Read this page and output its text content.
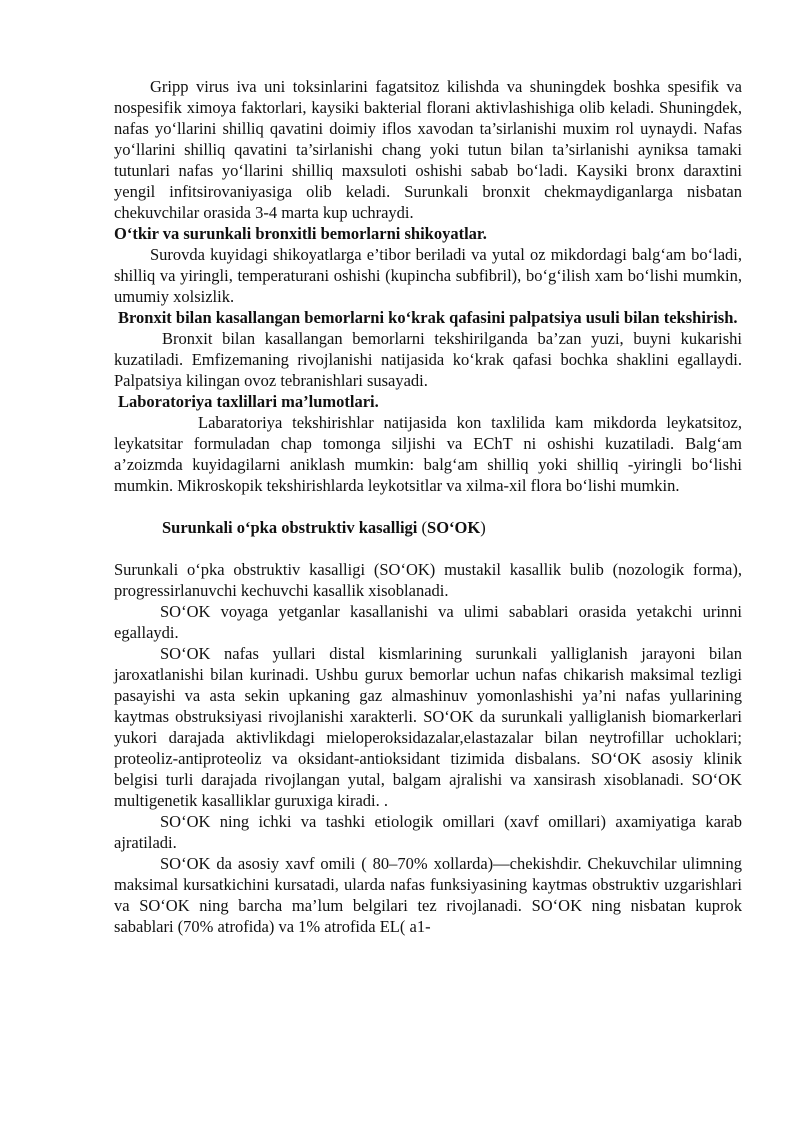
Gripp virus iva uni toksinlarini fagatsitoz kilishda va shuningdek boshka spesifik va nospesifik ximoya faktorlari, kaysiki bakterial florani aktivlashishiga olib keladi. Shuningdek, nafas yo‘llarini shilliq qavatini doimiy iflos xavodan ta’sirlanishi muxim rol uynaydi. Nafas yo‘llarini shilliq qavatini ta’sirlanishi chang yoki tutun bilan ta’sirlanishi ayniksa tamaki tutunlari nafas yo‘llarini shilliq maxsuloti oshishi sabab bo‘ladi. Kaysiki bronx daraxtini yengil infitsirovaniyasiga olib keladi. Surunkali bronxit chekmaydiganlarga nisbatan chekuvchilar orasida 3-4 marta kup uchraydi.

O‘tkir va surunkali bronxitli bemorlarni shikoyatlar.

Surovda kuyidagi shikoyatlarga e’tibor beriladi va yutal oz mikdordagi balg‘am bo‘ladi, shilliq va yiringli, temperaturani oshishi (kupincha subfibril), bo‘g‘ilish xam bo‘lishi mumkin, umumiy xolsizlik.

Bronxit bilan kasallangan bemorlarni ko‘krak qafasini palpatsiya usuli bilan tekshirish.

Bronxit bilan kasallangan bemorlarni tekshirilganda ba’zan yuzi, buyni kukarishi kuzatiladi. Emfizemaning rivojlanishi natijasida ko‘krak qafasi bochka shaklini egallaydi. Palpatsiya kilingan ovoz tebranishlari susayadi.

Laboratoriya taxlillari ma’lumotlari.

Labaratoriya tekshirishlar natijasida kon taxlilida kam mikdorda leykatsitoz, leykatsitar formuladan chap tomonga siljishi va EChT ni oshishi kuzatiladi. Balg‘am a’zoizmda kuyidagilarni aniklash mumkin: balg‘am shilliq yoki shilliq -yiringli bo‘lishi mumkin. Mikroskopik tekshirishlarda leykotsitlar va xilma-xil flora bo‘lishi mumkin.

Surunkali o‘pka obstruktiv kasalligi (SO‘OK)

Surunkali o‘pka obstruktiv kasalligi (SO‘OK) mustakil kasallik bulib (nozologik forma), progressirlanuvchi kechuvchi kasallik xisoblanadi.

SO‘OK voyaga yetganlar kasallanishi va ulimi sabablari orasida yetakchi urinni egallaydi.

SO‘OK nafas yullari distal kismlarining surunkali yalliglanish jarayoni bilan jaroxatlanishi bilan kurinadi. Ushbu gurux bemorlar uchun nafas chikarish maksimal tezligi pasayishi va asta sekin upkaning gaz almashinuv yomonlashishi ya’ni nafas yullarining kaytmas obstruksiyasi rivojlanishi xarakterli. SO‘OK da surunkali yalliglanish biomarkerlari yukori darajada aktivlikdagi mieloperoksidazalar,elastazalar bilan neytrofillar uchoklari; proteoliz-antiproteoliz va oksidant-antioksidant tizimida disbalans. SO‘OK asosiy klinik belgisi turli darajada rivojlangan yutal, balgam ajralishi va xansirash xisoblanadi. SO‘OK multigenetik kasalliklar guruxiga kiradi. .

SO‘OK ning ichki va tashki etiologik omillari (xavf omillari) axamiyatiga karab ajratiladi.

SO‘OK da asosiy xavf omili ( 80–70% xollarda)—chekishdir. Chekuvchilar ulimning maksimal kursatkichini kursatadi, ularda nafas funksiyasining kaytmas obstruktiv uzgarishlari va SO‘OK ning barcha ma’lum belgilari tez rivojlanadi. SO‘OK ning nisbatan kuprok sabablari (70% atrofida) va 1% atrofida EL( a1-
